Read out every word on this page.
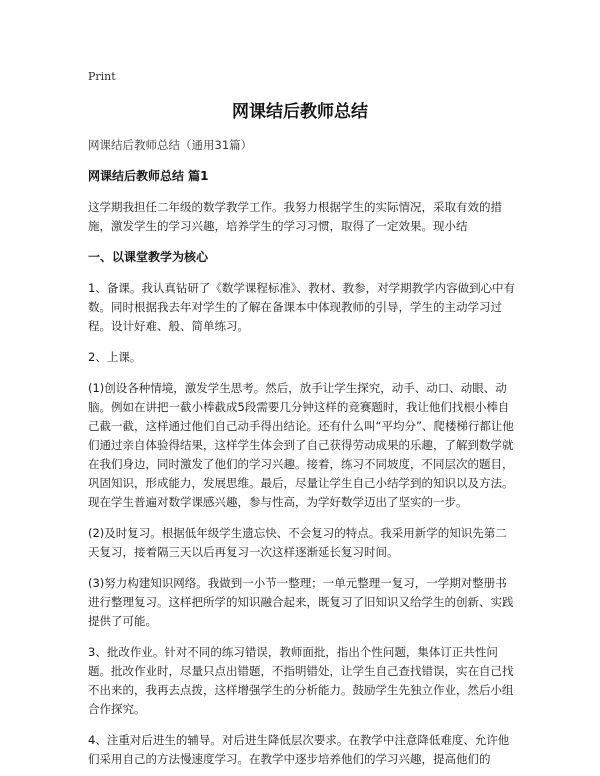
Print
网课结后教师总结

网课结后教师总结（通用31篇）

网课结后教师总结 篇1

这学期我担任二年级的数学教学工作。我努力根据学生的实际情况，采取有效的措施，激发学生的学习兴趣，培养学生的学习习惯，取得了一定效果。现小结

一、以课堂教学为核心

1、备课。我认真钻研了《数学课程标准》、教材、教参，对学期教学内容做到心中有数。同时根据我去年对学生的了解在备课本中体现教师的引导，学生的主动学习过程。设计好难、般、简单练习。

2、上课。

(1)创设各种情境，激发学生思考。然后，放手让学生探究，动手、动口、动眼、动脑。例如在讲把一截小棒截成5段需要几分钟这样的竞赛题时，我让他们找根小棒自己截一截，这样通过他们自己动手得出结论。还有什么叫“平均分”、爬楼梯行都让他们通过亲自体验得结果，这样学生体会到了自己获得劳动成果的乐趣，了解到数学就在我们身边，同时激发了他们的学习兴趣。接着，练习不同坡度，不同层次的题目，巩固知识，形成能力，发展思维。最后，尽量让学生自己小结学到的知识以及方法。现在学生普遍对数学课感兴趣，参与性高，为学好数学迈出了坚实的一步。

(2)及时复习。根据低年级学生遗忘快、不会复习的特点。我采用新学的知识先第二天复习，接着隔三天以后再复习一次这样逐渐延长复习时间。

(3)努力构建知识网络。我做到一小节一整理；一单元整理一复习，一学期对整册书进行整理复习。这样把所学的知识融合起来，既复习了旧知识又给学生的创新、实践提供了可能。

3、批改作业。针对不同的练习错误，教师面批，指出个性问题，集体订正共性问题。批改作业时，尽量只点出错题，不指明错处，让学生自己查找错误，实在自己找不出来的，我再去点拨，这样增强学生的分析能力。鼓励学生先独立作业，然后小组合作探究。

4、注重对后进生的辅导。对后进生降低层次要求。在教学中注意降低难度、允许他们采用自己的方法慢速度学习。在教学中逐步培养他们的学习兴趣，提高他们的
